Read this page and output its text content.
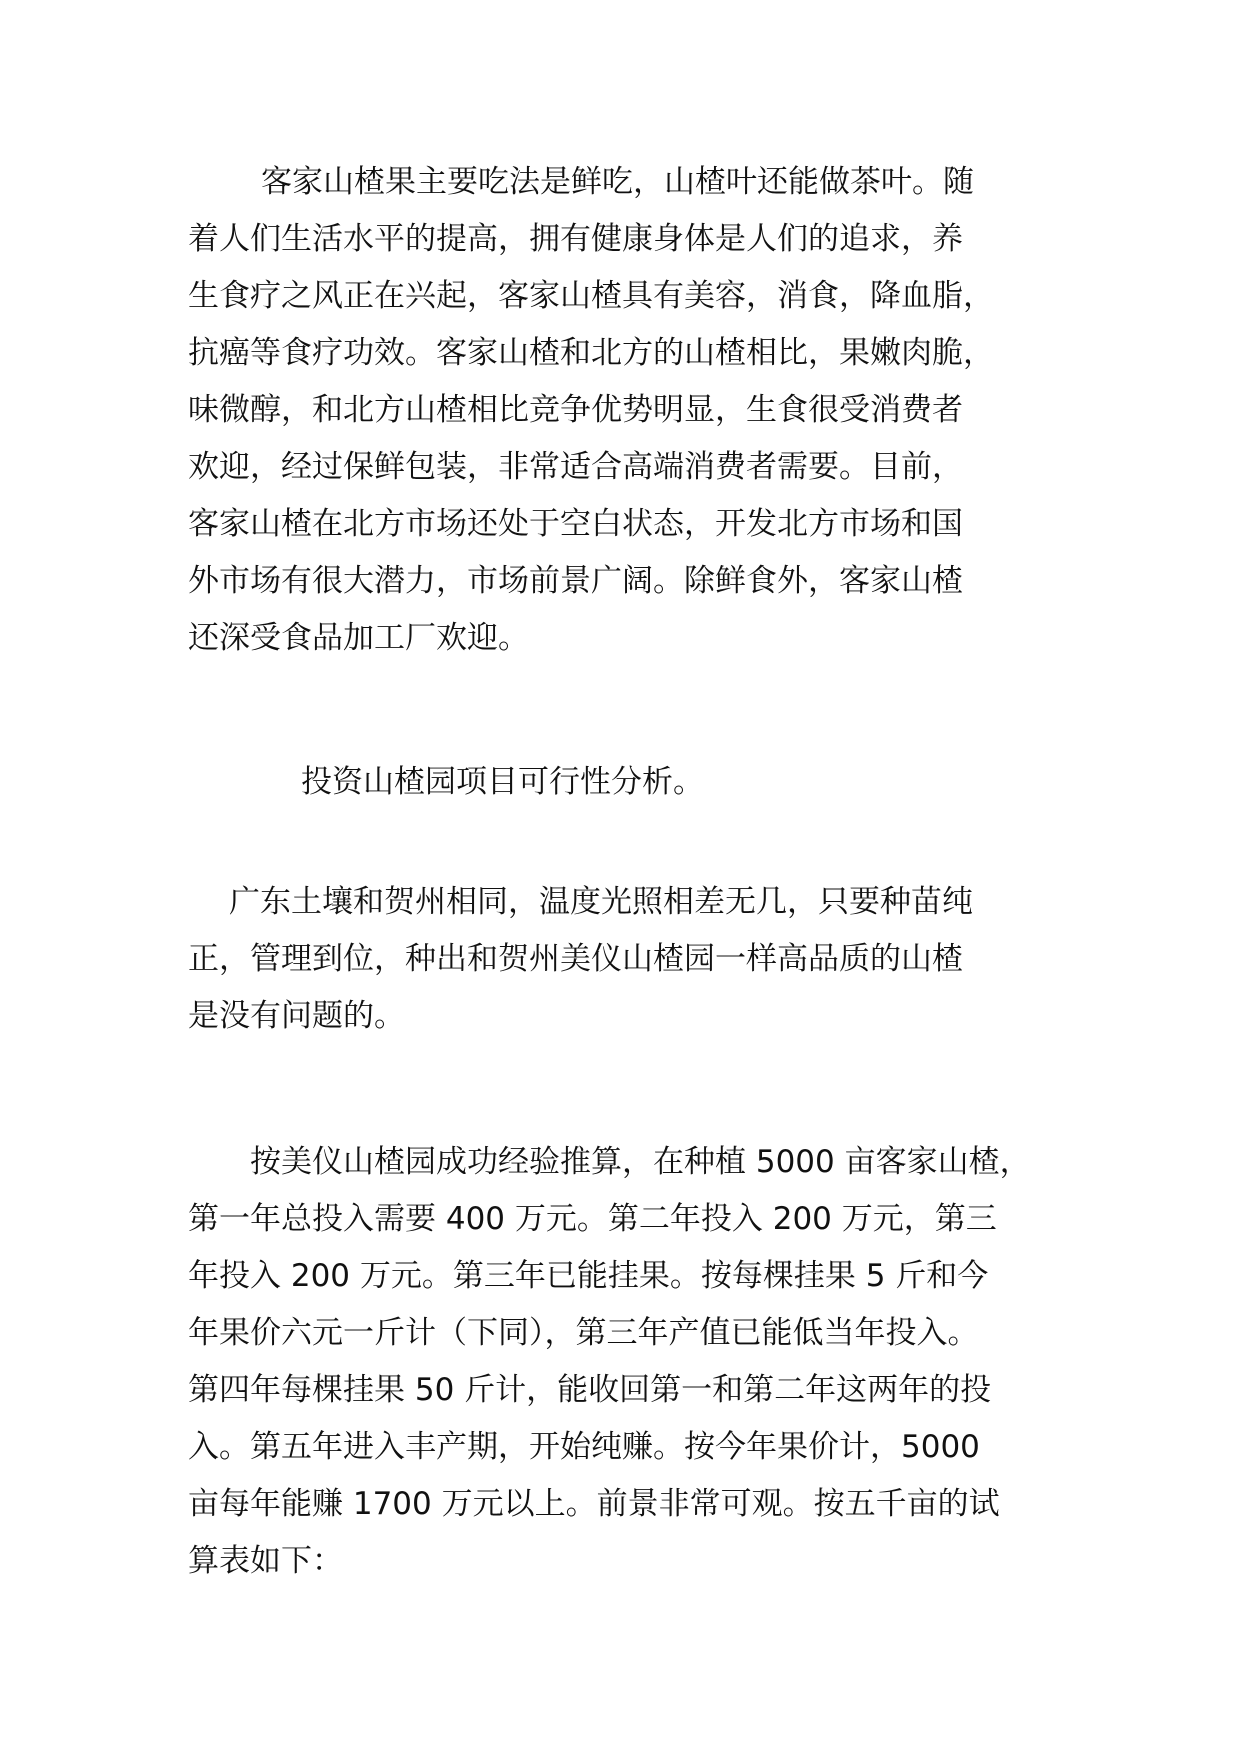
客家山楂果主要吃法是鲜吃，山楂叶还能做茶叶。随
着人们生活水平的提高，拥有健康身体是人们的追求，养
生食疗之风正在兴起，客家山楂具有美容，消食，降血脂，
抗癌等食疗功效。客家山楂和北方的山楂相比，果嫩肉脆，
味微醇，和北方山楂相比竞争优势明显，生食很受消费者
欢迎，经过保鲜包装，非常适合高端消费者需要。目前，
客家山楂在北方市场还处于空白状态，开发北方市场和国
外市场有很大潜力，市场前景广阔。除鲜食外，客家山楂
还深受食品加工厂欢迎。

投资山楂园项目可行性分析。

广东土壤和贺州相同，温度光照相差无几，只要种苗纯
正，管理到位，种出和贺州美仪山楂园一样高品质的山楂
是没有问题的。

按美仪山楂园成功经验推算，在种植 5000 亩客家山楂，
第一年总投入需要 400 万元。第二年投入 200 万元，第三
年投入 200 万元。第三年已能挂果。按每棵挂果 5 斤和今
年果价六元一斤计（下同），第三年产值已能低当年投入。
第四年每棵挂果 50 斤计，能收回第一和第二年这两年的投
入。第五年进入丰产期，开始纯赚。按今年果价计，5000
亩每年能赚 1700 万元以上。前景非常可观。按五千亩的试
算表如下：
